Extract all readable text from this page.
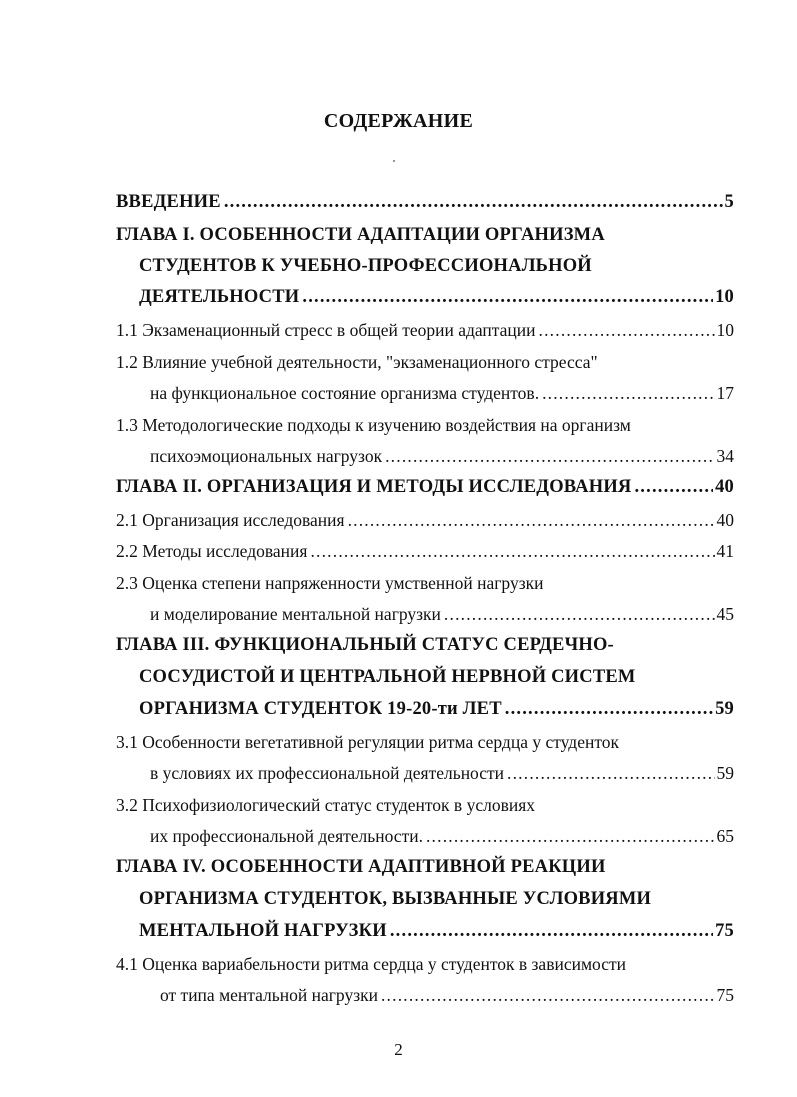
СОДЕРЖАНИЕ
ВВЕДЕНИЕ .....	5
ГЛАВА I. ОСОБЕННОСТИ АДАПТАЦИИ ОРГАНИЗМА
СТУДЕНТОВ К УЧЕБНО-ПРОФЕССИОНАЛЬНОЙ
ДЕЯТЕЛЬНОСТИ .....	10
1.1 Экзаменационный стресс в общей теории адаптации .....	10
1.2 Влияние учебной деятельности, "экзаменационного стресса"
на функциональное состояние организма студентов. .....	17
1.3 Методологические подходы к изучению воздействия на организм
психоэмоциональных нагрузок .....	34
ГЛАВА II. ОРГАНИЗАЦИЯ И МЕТОДЫ ИССЛЕДОВАНИЯ .....	40
2.1 Организация исследования .....	40
2.2 Методы исследования .....	41
2.3 Оценка степени напряженности умственной нагрузки
и моделирование ментальной нагрузки .....	45
ГЛАВА III. ФУНКЦИОНАЛЬНЫЙ СТАТУС СЕРДЕЧНО-
СОСУДИСТОЙ И ЦЕНТРАЛЬНОЙ НЕРВНОЙ СИСТЕМ
ОРГАНИЗМА СТУДЕНТОК 19-20-ти ЛЕТ .....	59
3.1 Особенности вегетативной регуляции ритма сердца у студенток
в условиях их профессиональной деятельности .....	59
3.2 Психофизиологический статус студенток в условиях
их профессиональной деятельности. .....	65
ГЛАВА IV. ОСОБЕННОСТИ АДАПТИВНОЙ РЕАКЦИИ
ОРГАНИЗМА СТУДЕНТОК, ВЫЗВАННЫЕ УСЛОВИЯМИ
МЕНТАЛЬНОЙ НАГРУЗКИ .....	75
4.1 Оценка вариабельности ритма сердца у студенток в зависимости
от типа ментальной нагрузки .....	75
2
